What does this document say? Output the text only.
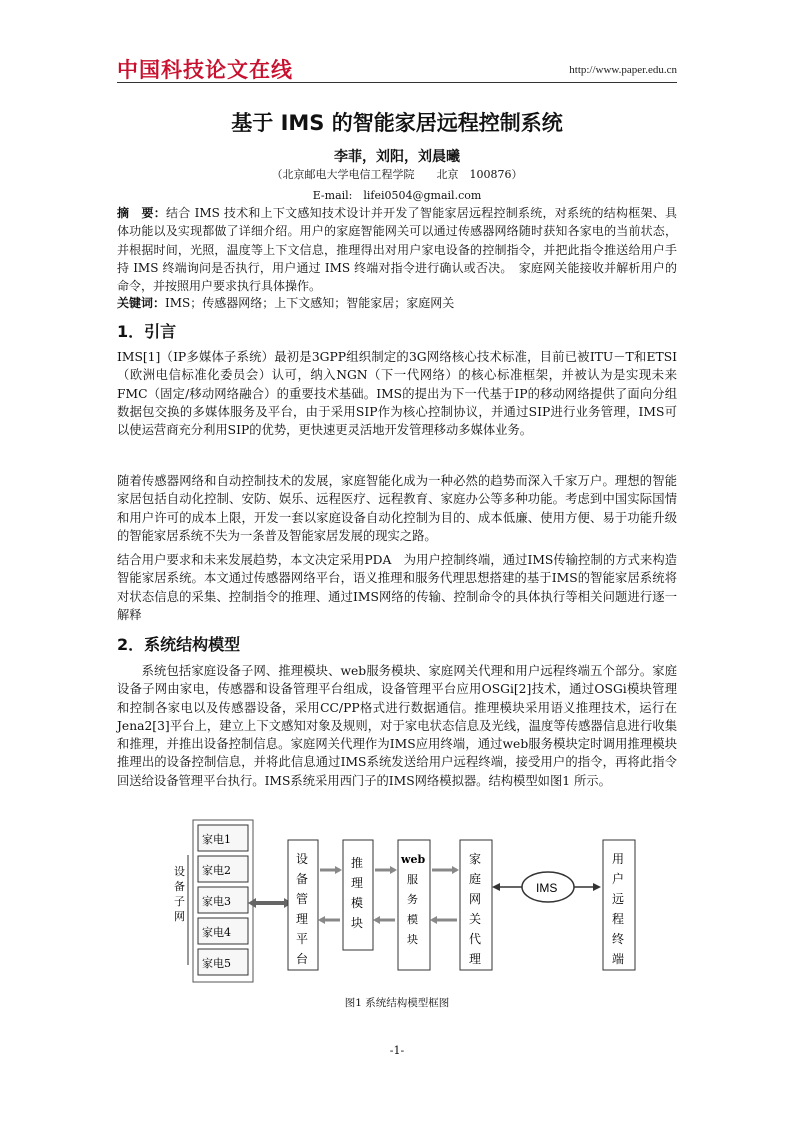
中国科技论文在线	http://www.paper.edu.cn
基于 IMS 的智能家居远程控制系统
李菲，刘阳，刘晨曦
（北京邮电大学电信工程学院　　北京　100876）
E-mail:　lifei0504@gmail.com
摘　要：结合 IMS 技术和上下文感知技术设计并开发了智能家居远程控制系统，对系统的结构框架、具体功能以及实现都做了详细介绍。用户的家庭智能网关可以通过传感器网络随时获知各家电的当前状态，并根据时间，光照，温度等上下文信息，推理得出对用户家电设备的控制指令，并把此指令推送给用户手持 IMS 终端询问是否执行，用户通过 IMS 终端对指令进行确认或否决。　家庭网关能接收并解析用户的命令，并按照用户要求执行具体操作。
关键词：IMS；传感器网络；上下文感知；智能家居；家庭网关
1．引言
IMS[1]（IP多媒体子系统）最初是3GPP组织制定的3G网络核心技术标准，目前已被ITU－T和ETSI（欧洲电信标准化委员会）认可，纳入NGN（下一代网络）的核心标准框架，并被认为是实现未来FMC（固定/移动网络融合）的重要技术基础。IMS的提出为下一代基于IP的移动网络提供了面向分组数据包交换的多媒体服务及平台，由于采用SIP作为核心控制协议，并通过SIP进行业务管理，IMS可以使运营商充分利用SIP的优势，更快速更灵活地开发管理移动多媒体业务。
随着传感器网络和自动控制技术的发展，家庭智能化成为一种必然的趋势而深入千家万户。理想的智能家居包括自动化控制、安防、娱乐、远程医疗、远程教育、家庭办公等多种功能。考虑到中国实际国情和用户许可的成本上限，开发一套以家庭设备自动化控制为目的、成本低廉、使用方便、易于功能升级的智能家居系统不失为一条普及智能家居发展的现实之路。
结合用户要求和未来发展趋势，本文决定采用PDA　为用户控制终端，通过IMS传输控制的方式来构造智能家居系统。本文通过传感器网络平台，语义推理和服务代理思想搭建的基于IMS的智能家居系统将对状态信息的采集、控制指令的推理、通过IMS网络的传输、控制命令的具体执行等相关问题进行逐一解释
2．系统结构模型
系统包括家庭设备子网、推理模块、web服务模块、家庭网关代理和用户远程终端五个部分。家庭设备子网由家电，传感器和设备管理平台组成，设备管理平台应用OSGi[2]技术，通过OSGi模块管理和控制各家电以及传感器设备，采用CC/PP格式进行数据通信。推理模块采用语义推理技术，运行在Jena2[3]平台上，建立上下文感知对象及规则，对于家电状态信息及光线，温度等传感器信息进行收集和推理，并推出设备控制信息。家庭网关代理作为IMS应用终端，通过web服务模块定时调用推理模块推理出的设备控制信息，并将此信息通过IMS系统发送给用户远程终端，接受用户的指令，再将此指令回送给设备管理平台执行。IMS系统采用西门子的IMS网络模拟器。结构模型如图1 所示。
设
备
子
网
家电1
家电2
家电3
家电4
家电5
设备管 理平台
推理模块
web 服务 模块
家庭网 关代理
IMS
用户远 程终端
图1 系统结构模型框图
-1-
